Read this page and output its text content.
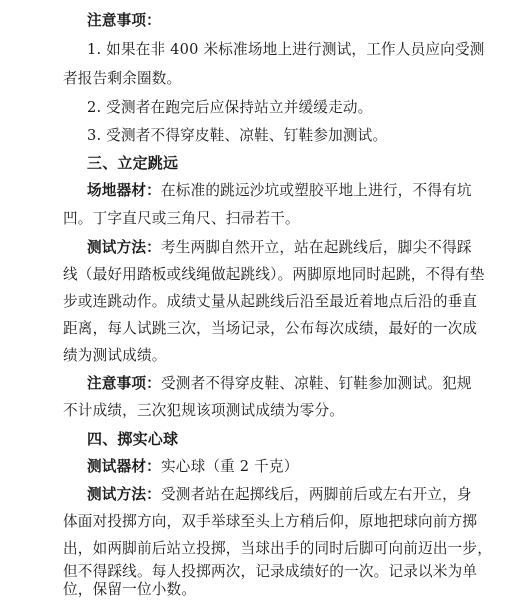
注意事项：
1. 如果在非 400 米标准场地上进行测试，工作人员应向受测
者报告剩余圈数。
2. 受测者在跑完后应保持站立并缓缓走动。
3. 受测者不得穿皮鞋、凉鞋、钉鞋参加测试。
三、立定跳远
场地器材：在标准的跳远沙坑或塑胶平地上进行，不得有坑
凹。丁字直尺或三角尺、扫帚若干。
测试方法：考生两脚自然开立，站在起跳线后，脚尖不得踩
线（最好用踏板或线绳做起跳线）。两脚原地同时起跳，不得有垫
步或连跳动作。成绩丈量从起跳线后沿至最近着地点后沿的垂直
距离，每人试跳三次，当场记录，公布每次成绩，最好的一次成
绩为测试成绩。
注意事项：受测者不得穿皮鞋、凉鞋、钉鞋参加测试。犯规
不计成绩，三次犯规该项测试成绩为零分。
四、掷实心球
测试器材：实心球（重 2 千克）
测试方法：受测者站在起掷线后，两脚前后或左右开立，身
体面对投掷方向，双手举球至头上方稍后仰，原地把球向前方掷
出，如两脚前后站立投掷，当球出手的同时后脚可向前迈出一步，
但不得踩线。每人投掷两次，记录成绩好的一次。记录以米为单
位，保留一位小数。
